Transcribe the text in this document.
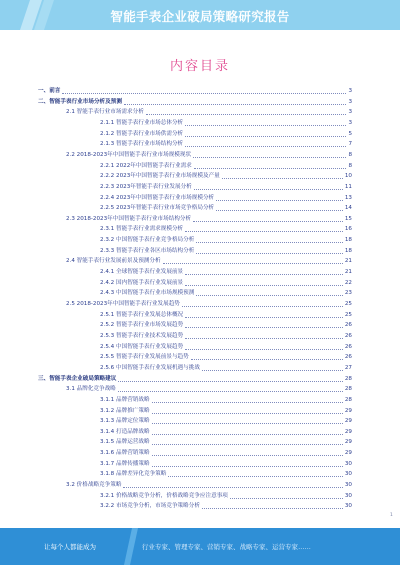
智能手表企业破局策略研究报告
内容目录
一、前言	3
二、智能手表行业市场分析及预测	3
2.1 智能手表行业市场需求分析	3
2.1.1 智能手表行业市场总体分析	3
2.1.2 智能手表行业市场供需分析	5
2.1.3 智能手表行业市场结构分析	7
2.2 2018-2023年中国智能手表行业市场规模现状	8
2.2.1 2022年中国智能手表行业需求	8
2.2.2 2023年中国智能手表行业市场规模及产量	10
2.2.3 2023年智能手表行业发展分析	11
2.2.4 2023年中国智能手表行业市场规模分析	13
2.2.5 2023年智能手表行业市场竞争格局分析	14
2.3 2018-2023年中国智能手表行业市场结构分析	15
2.3.1 智能手表行业需求规模分析	16
2.3.2 中国智能手表行业竞争格局分析	18
2.3.3 智能手表行业各区市场结构分析	18
2.4 智能手表行业发展前景及预测分析	21
2.4.1 全球智能手表行业发展前景	21
2.4.2 国内智能手表行业发展前景	22
2.4.3 中国智能手表行业市场规模预测	23
2.5 2018-2023年中国智能手表行业发展趋势	25
2.5.1 智能手表行业发展总体概况	25
2.5.2 智能手表行业市场发展趋势	26
2.5.3 智能手表行业技术发展趋势	26
2.5.4 中国智能手表行业发展趋势	26
2.5.5 智能手表行业发展前景与趋势	26
2.5.6 中国智能手表行业发展机遇与挑战	27
三、智能手表企业破局策略建议	28
3.1 品牌化竞争战略	28
3.1.1 品牌营销战略	28
3.1.2 品牌推广策略	29
3.1.3 品牌定位策略	29
3.1.4 打造品牌战略	29
3.1.5 品牌运营战略	29
3.1.6 品牌营销策略	29
3.1.7 品牌传播策略	30
3.1.8 品牌差异化竞争策略	30
3.2 价格战略竞争策略	30
3.2.1 价格战略竞争分析，价格战略竞争应注意事项	30
3.2.2 市场竞争分析，市场竞争策略分析	30
1
让每个人都能成为	行业专家、管理专家、营销专家、战略专家、运营专家……
